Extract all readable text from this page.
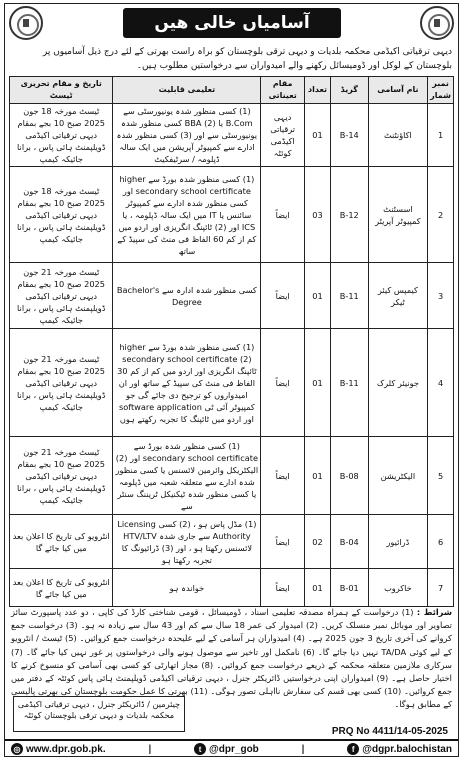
آسامیاں خالی ھیں
دیہی ترقیاتی اکیڈمی محکمہ بلدیات و دیہی ترقی بلوچستان کو براہ راست بھرتی کے لئے درج ذیل آسامیوں پر بلوچستان کے لوکل اور ڈومیسائل رکھنے والے امیدواران سے درخواستیں مطلوب ہیں۔
نمبر شمار	نام آسامی	گریڈ	تعداد	مقام تعیناتی	تعلیمی قابلیت	تاریخ و مقام تحریری ٹیسٹ
1	اکاؤنٹنٹ	B-14	01	دیہی ترقیاتی اکیڈمی کوئٹہ	(1) کسی منظور شدہ یونیورسٹی سے B.Com یا (2) BBA کسی منظور شدہ یونیورسٹی سے اور (3) کسی منظور شدہ ادارے سے کمپیوٹر آپریشن میں ایک سالہ ڈپلومہ / سرٹیفکیٹ	ٹیسٹ مورخہ 18 جون 2025 صبح 10 بجے بمقام دیہی ترقیاتی اکیڈمی ڈویلپمنٹ ہائی پاس ، برانا جائیکہ کیمپ
2	اسسٹنٹ کمپیوٹر آپریٹر	B-12	03	ایضاً	(1) کسی منظور شدہ بورڈ سے higher secondary school certificate اور کسی منظور شدہ ادارے سے کمپیوٹر سائنس یا IT میں ایک سالہ ڈپلومہ ، یا ICS اور (2) ٹائپنگ انگریزی اور اردو میں کم از کم 60 الفاظ فی منٹ کی سپیڈ کے ساتھ	ٹیسٹ مورخہ 18 جون 2025 صبح 10 بجے بمقام دیہی ترقیاتی اکیڈمی ڈویلپمنٹ ہائی پاس ، برانا جائیکہ کیمپ
3	کیمپس کیئر ٹیکر	B-11	01	ایضاً	کسی منظور شدہ ادارہ سے Bachelor's Degree	ٹیسٹ مورخہ 21 جون 2025 صبح 10 بجے بمقام دیہی ترقیاتی اکیڈمی ڈویلپمنٹ ہائی پاس ، برانا جائیکہ کیمپ
4	جونیئر کلرک	B-11	01	ایضاً	(1) کسی منظور شدہ بورڈ سے higher secondary school certificate (2) ٹائپنگ انگریزی اور اردو میں کم از کم 30 الفاظ فی منٹ کی سپیڈ کے ساتھ اور ان امیدواروں کو ترجیح دی جائے گی جو کمپیوٹر آئی ٹی software application اور اردو میں ٹائپنگ کا تجربہ رکھتے ہوں	ٹیسٹ مورخہ 21 جون 2025 صبح 10 بجے بمقام دیہی ترقیاتی اکیڈمی ڈویلپمنٹ ہائی پاس ، برانا جائیکہ کیمپ
5	الیکٹریشن	B-08	01	ایضاً	(1) کسی منظور شدہ بورڈ سے secondary school certificate اور (2) الیکٹریکل وائرمین لائسنس یا کسی منظور شدہ ادارے سے متعلقہ شعبہ میں ڈپلومہ یا کسی منظور شدہ ٹیکنیکل ٹریننگ سنٹر سے	ٹیسٹ مورخہ 21 جون 2025 صبح 10 بجے بمقام دیہی ترقیاتی اکیڈمی ڈویلپمنٹ ہائی پاس ، برانا جائیکہ کیمپ
6	ڈرائیور	B-04	02	ایضاً	(1) مڈل پاس ہو ، (2) کسی Licensing Authority سے جاری شدہ HTV/LTV لائسنس رکھتا ہو ، اور (3) ڈرائیونگ کا تجربہ رکھتا ہو	انٹرویو کی تاریخ کا اعلان بعد میں کیا جائے گا
7	خاکروب	B-01	01	ایضاً	خواندہ ہو	انٹرویو کی تاریخ کا اعلان بعد میں کیا جائے گا
شرائط : (1) درخواست کے ہمراہ مصدقہ تعلیمی اسناد ، ڈومیسائل ، قومی شناختی کارڈ کی کاپی ، دو عدد پاسپورٹ سائز تصاویر اور موبائل نمبر منسلک کریں۔ (2) امیدوار کی عمر 18 سال سے کم اور 43 سال سے زیادہ نہ ہو۔ (3) درخواست جمع کروانے کی آخری تاریخ 3 جون 2025 ہے۔ (4) امیدواران ہر آسامی کے لیے علیحدہ درخواست جمع کروائیں۔ (5) ٹیسٹ / انٹرویو کے لیے کوئی TA/DA نہیں دیا جائے گا۔ (6) نامکمل اور تاخیر سے موصول ہونے والی درخواستوں پر غور نہیں کیا جائے گا۔ (7) سرکاری ملازمین متعلقہ محکمہ کے ذریعے درخواست جمع کروائیں۔ (8) مجاز اتھارٹی کو کسی بھی آسامی کو منسوخ کرنے کا اختیار حاصل ہے۔ (9) امیدواران اپنی درخواستیں ڈائریکٹر جنرل ، دیہی ترقیاتی اکیڈمی ڈویلپمنٹ ہائی پاس کوئٹہ کے دفتر میں جمع کروائیں۔ (10) کسی بھی قسم کی سفارش نااہلی تصور ہوگی۔ (11) بھرتی کا عمل حکومت بلوچستان کی بھرتی پالیسی کے مطابق ہوگا۔
چیئرمین / ڈائریکٹر جنرل ، دیہی ترقیاتی اکیڈمی
محکمہ بلدیات و دیہی ترقی بلوچستان کوئٹہ
PRQ No 4411/14-05-2025
◎ www.dpr.gob.pk.	|	t @dpr_gob	|	f @dgpr.balochistan
